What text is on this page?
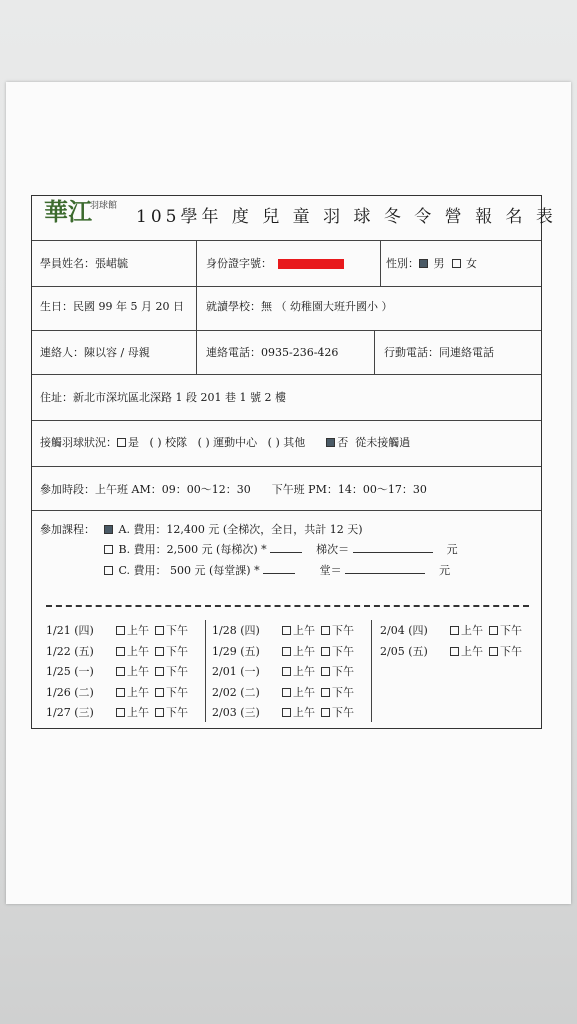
華江
羽球館
105學年 度 兒 童 羽 球 冬 令 營 報 名 表
學員姓名：張峮毓	身份證字號：	性別： 男 女
生日：民國 99 年 5 月 20 日 就讀學校：無 （ 幼稚園大班升國小 ）
連絡人：陳以容 / 母親	連絡電話：0935-236-426	行動電話：同連絡電話
住址：新北市深坑區北深路 1 段 201 巷 1 號 2 樓
接觸羽球狀況： 是 ( ) 校隊 ( ) 運動中心 ( ) 其他	否 從未接觸過
參加時段：上午班 AM：09：00～12：30 下午班 PM：14：00～17：30
參加課程：	A. 費用：12,400 元 (全梯次，全日，共計 12 天)
B. 費用：2,500 元 (每梯次) *	梯次＝	元
C. 費用： 500 元 (每堂課) *	堂＝	元
1/21 (四)	上午 下午
1/22 (五)	上午 下午
1/25 (一)	上午 下午
1/26 (二)	上午 下午
1/27 (三)	上午 下午
1/28 (四)	上午 下午
1/29 (五)	上午 下午
2/01 (一)	上午 下午
2/02 (二)	上午 下午
2/03 (三)	上午 下午
2/04 (四)	上午 下午
2/05 (五)	上午 下午
